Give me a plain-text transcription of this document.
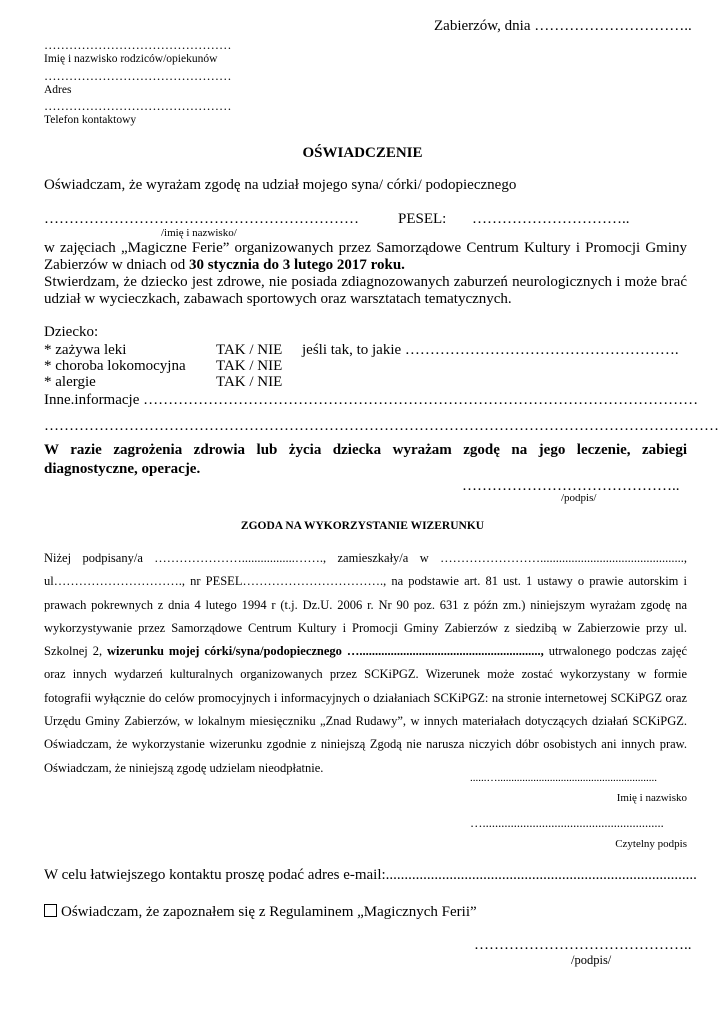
Zabierzów, dnia …………………………..
………………………………………
Imię i nazwisko rodziców/opiekunów
………………………………………
Adres
………………………………………
Telefon kontaktowy
OŚWIADCZENIE
Oświadczam, że wyrażam zgodę na udział mojego syna/ córki/ podopiecznego
………………………………………………………	PESEL: …………………………..
/imię i nazwisko/
w zajęciach „Magiczne Ferie” organizowanych przez Samorządowe Centrum Kultury i Promocji Gminy Zabierzów w dniach od 30 stycznia do 3 lutego 2017 roku.
Stwierdzam, że dziecko jest zdrowe, nie posiada zdiagnozowanych zaburzeń neurologicznych i może brać udział w wycieczkach, zabawach sportowych oraz warsztatach tematycznych.
Dziecko:
* zażywa leki	TAK / NIE jeśli tak, to jakie ……………………………………………….
* choroba lokomocyjna TAK / NIE
* alergie	TAK / NIE
Inne.informacje …………………………………………………………………………………………………
………………………………………………………………………………………………………………………
W razie zagrożenia zdrowia lub życia dziecka wyrażam zgodę na jego leczenie, zabiegi diagnostyczne, operacje.
……………………………………..
/podpis/
ZGODA NA WYKORZYSTANIE WIZERUNKU
Niżej podpisany/a ………………….................……., zamieszkały/a w …………………….............................................., ul…………………………., nr PESEL……………………………., na podstawie art. 81 ust. 1 ustawy o prawie autorskim i prawach pokrewnych z dnia 4 lutego 1994 r (t.j. Dz.U. 2006 r. Nr 90 poz. 631 z późn zm.) niniejszym wyrażam zgodę na wykorzystywanie przez Samorządowe Centrum Kultury i Promocji Gminy Zabierzów z siedzibą w Zabierzowie przy ul. Szkolnej 2, wizerunku mojej córki/syna/podopiecznego ….........................................................., utrwalonego podczas zajęć oraz innych wydarzeń kulturalnych organizowanych przez SCKiPGZ. Wizerunek może zostać wykorzystany w formie fotografii wyłącznie do celów promocyjnych i informacyjnych o działaniach SCKiPGZ: na stronie internetowej SCKiPGZ oraz Urzędu Gminy Zabierzów, w lokalnym miesięczniku „Znad Rudawy”, w innych materiałach dotyczących działań SCKiPGZ. Oświadczam, że wykorzystanie wizerunku zgodnie z niniejszą Zgodą nie narusza niczyich dóbr osobistych ani innych praw. Oświadczam, że niniejszą zgodę udzielam nieodpłatnie.
......…..........................................................
Imię i nazwisko
…..........................................................
Czytelny podpis
W celu łatwiejszego kontaktu proszę podać adres e-mail:...................................................................................
Oświadczam, że zapoznałem się z Regulaminem „Magicznych Ferii”
……………………………………..
/podpis/
